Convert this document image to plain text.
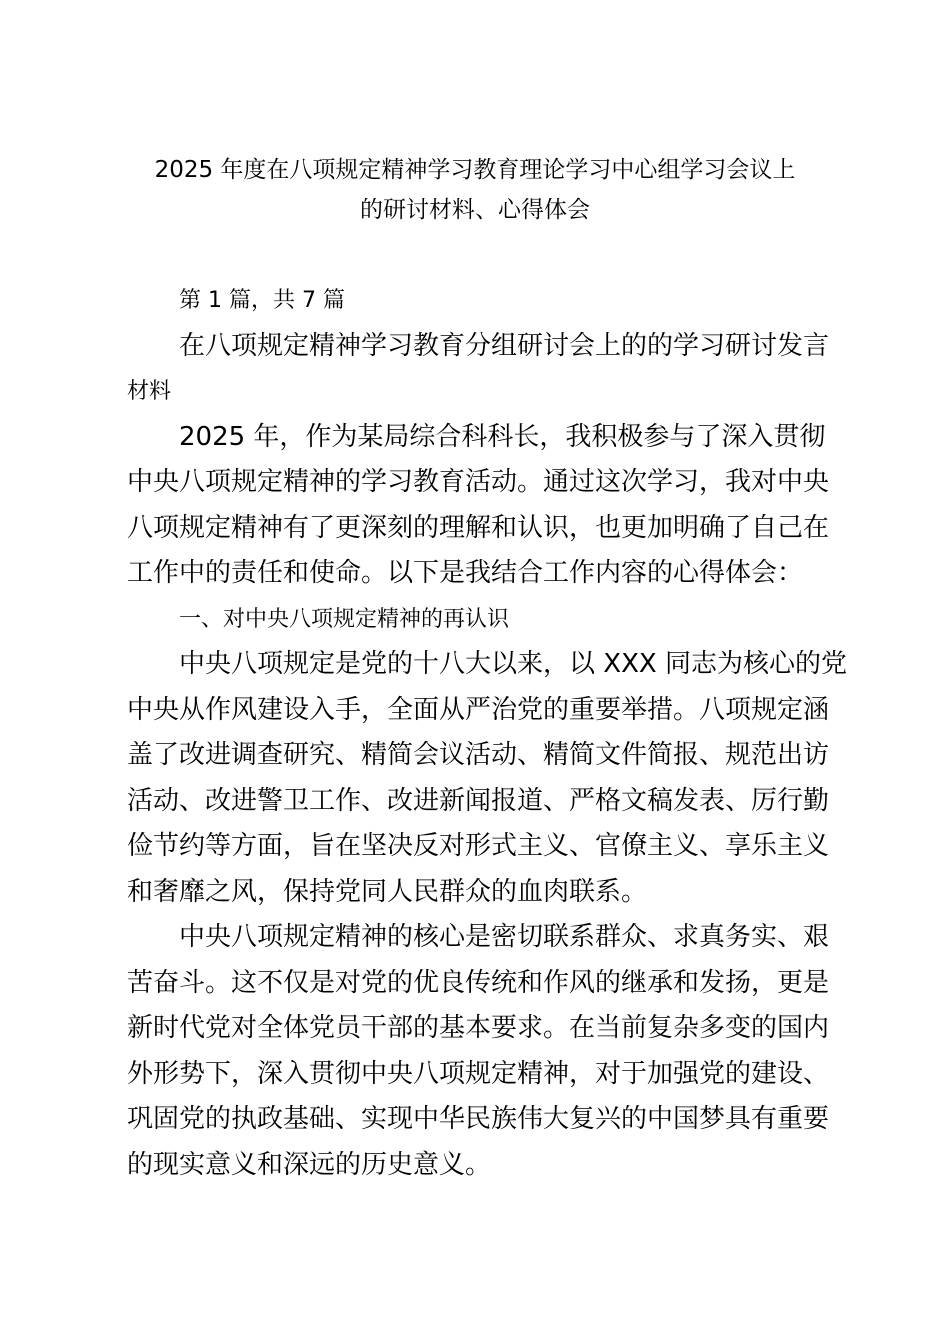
2025 年度在八项规定精神学习教育理论学习中心组学习会议上
的研讨材料、心得体会
第 1 篇，共 7 篇
在八项规定精神学习教育分组研讨会上的的学习研讨发言
材料
2025 年，作为某局综合科科长，我积极参与了深入贯彻
中央八项规定精神的学习教育活动。通过这次学习，我对中央
八项规定精神有了更深刻的理解和认识，也更加明确了自己在
工作中的责任和使命。以下是我结合工作内容的心得体会：
一、对中央八项规定精神的再认识
中央八项规定是党的十八大以来，以 XXX 同志为核心的党
中央从作风建设入手，全面从严治党的重要举措。八项规定涵
盖了改进调查研究、精简会议活动、精简文件简报、规范出访
活动、改进警卫工作、改进新闻报道、严格文稿发表、厉行勤
俭节约等方面，旨在坚决反对形式主义、官僚主义、享乐主义
和奢靡之风，保持党同人民群众的血肉联系。
中央八项规定精神的核心是密切联系群众、求真务实、艰
苦奋斗。这不仅是对党的优良传统和作风的继承和发扬，更是
新时代党对全体党员干部的基本要求。在当前复杂多变的国内
外形势下，深入贯彻中央八项规定精神，对于加强党的建设、
巩固党的执政基础、实现中华民族伟大复兴的中国梦具有重要
的现实意义和深远的历史意义。
